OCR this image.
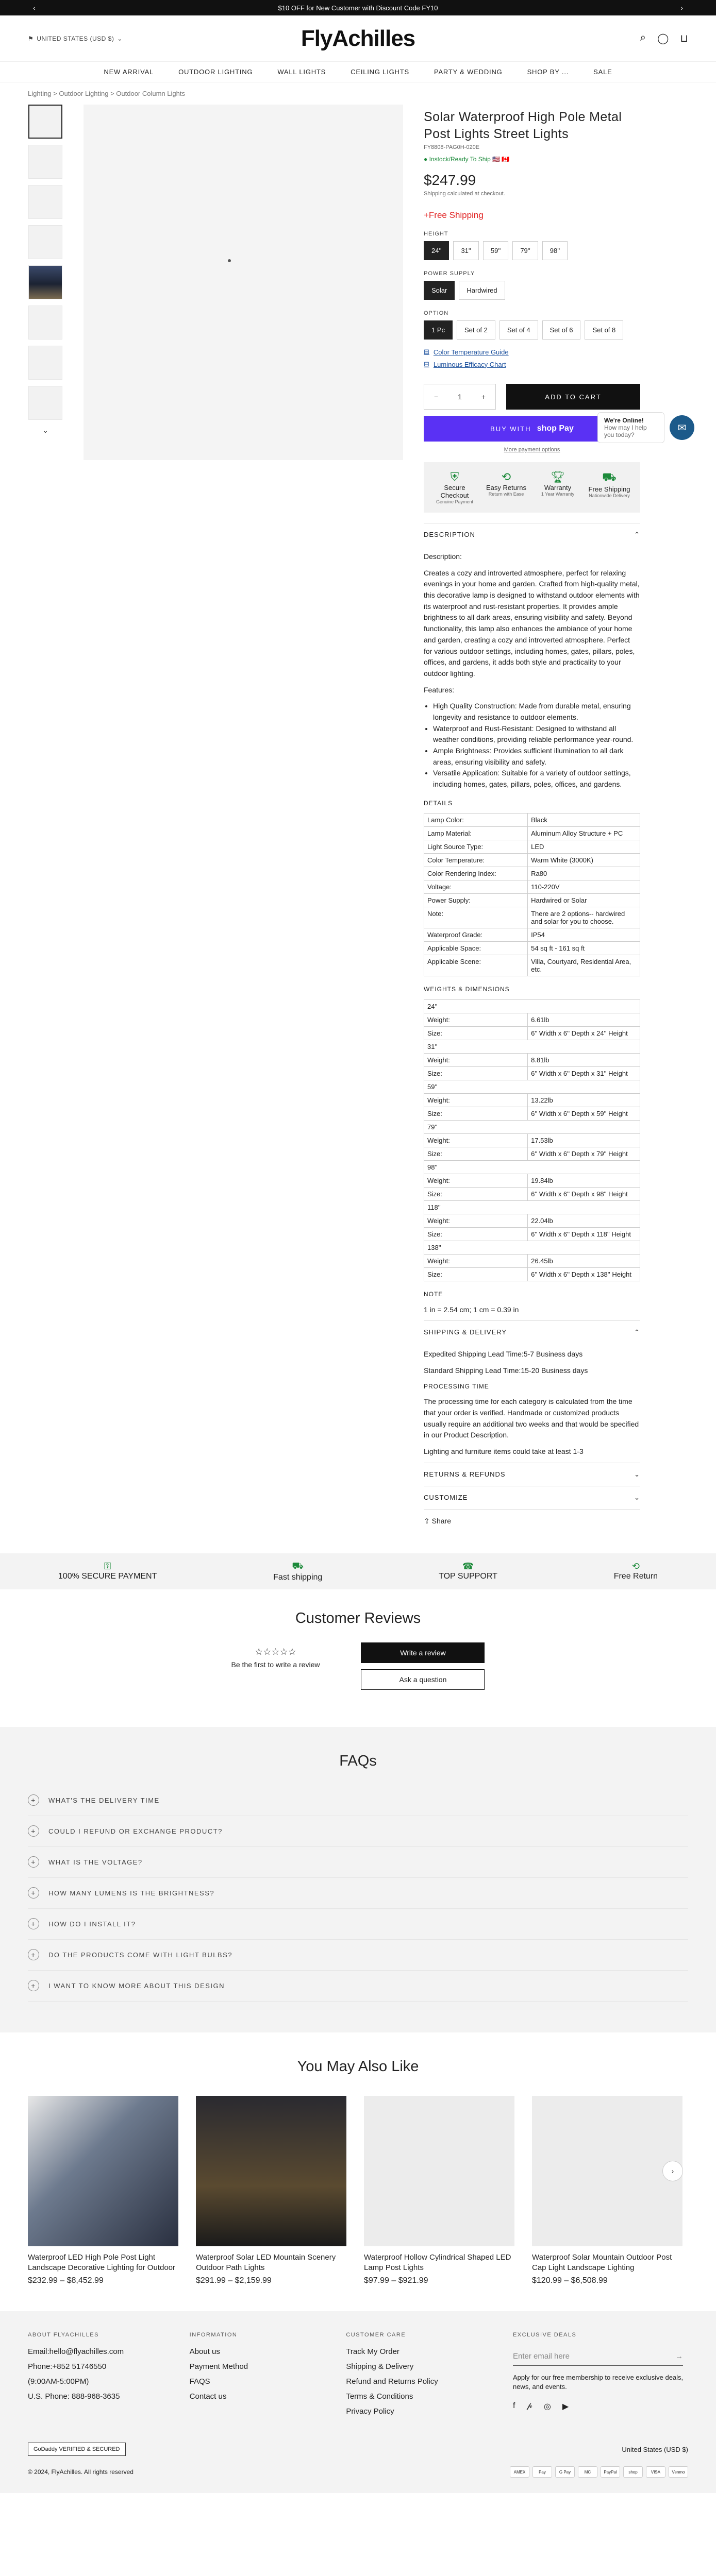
‹	$10 OFF for New Customer with Discount Code FY10	›
⚑ UNITED STATES (USD $) ⌄	FlyAchilles	⌕ ◯ ⊔
NEW ARRIVAL	OUTDOOR LIGHTING	WALL LIGHTS	CEILING LIGHTS	PARTY & WEDDING	SHOP BY ...	SALE
Lighting > Outdoor Lighting > Outdoor Column Lights
⌄
Solar Waterproof High Pole Metal Post Lights Street Lights
FY8808-PAG0H-020E
● Instock/Ready To Ship 🇺🇸 🇨🇦
$247.99
Shipping calculated at checkout.
+Free Shipping
HEIGHT
24''	31''	59''	79''	98''
POWER SUPPLY
Solar	Hardwired
OPTION
1 Pc	Set of 2	Set of 4	Set of 6	Set of 8
⊟ Color Temperature Guide
⊟ Luminous Efficacy Chart
−	1	+	ADD TO CART
BUY WITH
shop Pay
More payment options
⛨
Secure Checkout
Genuine Payment
⟲
Easy Returns
Return with Ease
🏆︎
Warranty
1 Year Warranty
⛟
Free Shipping
Nationwide Delivery
DESCRIPTION	⌃

Description:

Creates a cozy and introverted atmosphere, perfect for relaxing evenings in your home and garden. Crafted from high-quality metal, this decorative lamp is designed to withstand outdoor elements with its waterproof and rust-resistant properties. It provides ample brightness to all dark areas, ensuring visibility and safety. Beyond functionality, this lamp also enhances the ambiance of your home and garden, creating a cozy and introverted atmosphere. Perfect for various outdoor settings, including homes, gates, pillars, poles, offices, and gardens, it adds both style and practicality to your outdoor lighting.

Features:

• High Quality Construction: Made from durable metal, ensuring longevity and resistance to outdoor elements.
• Waterproof and Rust-Resistant: Designed to withstand all weather conditions, providing reliable performance year-round.
• Ample Brightness: Provides sufficient illumination to all dark areas, ensuring visibility and safety.
• Versatile Application: Suitable for a variety of outdoor settings, including homes, gates, pillars, poles, offices, and gardens.

DETAILS

Lamp Color:	Black
Lamp Material:	Aluminum Alloy Structure + PC
Light Source Type:	LED
Color Temperature:	Warm White (3000K)
Color Rendering Index:	Ra80
Voltage:	110-220V
Power Supply:	Hardwired or Solar
Note:	There are 2 options-- hardwired and solar for you to choose.
Waterproof Grade:	IP54
Applicable Space:	54 sq ft - 161 sq ft
Applicable Scene:	Villa, Courtyard, Residential Area, etc.

WEIGHTS & DIMENSIONS

24''	
Weight:	6.61lb
Size:	6'' Width x 6'' Depth x 24'' Height
31''	
Weight:	8.81lb
Size:	6'' Width x 6'' Depth x 31'' Height
59''	
Weight:	13.22lb
Size:	6'' Width x 6'' Depth x 59'' Height
79''	
Weight:	17.53lb
Size:	6'' Width x 6'' Depth x 79'' Height
98''	
Weight:	19.84lb
Size:	6'' Width x 6'' Depth x 98'' Height
118''	
Weight:	22.04lb
Size:	6'' Width x 6'' Depth x 118'' Height
138''	
Weight:	26.45lb
Size:	6'' Width x 6'' Depth x 138'' Height

NOTE

1 in = 2.54 cm; 1 cm = 0.39 in

SHIPPING & DELIVERY	⌃

Expedited Shipping Lead Time:5-7 Business days

Standard Shipping Lead Time:15-20 Business days

PROCESSING TIME

The processing time for each category is calculated from the time that your order is verified. Handmade or customized products usually require an additional two weeks and that would be specified in our Product Description.

Lighting and furniture items could take at least 1-3

RETURNS & REFUNDS	⌄
CUSTOMIZE	⌄
⇪ Share
We're Online!
How may I help you today?
✉
⚿
100% SECURE PAYMENT
⛟
Fast shipping
☎
TOP SUPPORT
⟲
Free Return
Customer Reviews
☆☆☆☆☆
Be the first to write a review
Write a review
Ask a question
FAQs
+	WHAT'S THE DELIVERY TIME
+	COULD I REFUND OR EXCHANGE PRODUCT?
+	WHAT IS THE VOLTAGE?
+	HOW MANY LUMENS IS THE BRIGHTNESS?
+	HOW DO I INSTALL IT?
+	DO THE PRODUCTS COME WITH LIGHT BULBS?
+	I WANT TO KNOW MORE ABOUT THIS DESIGN
You May Also Like
Waterproof LED High Pole Post Light Landscape Decorative Lighting for Outdoor
$232.99 – $8,452.99
Waterproof Solar LED Mountain Scenery Outdoor Path Lights
$291.99 – $2,159.99
Waterproof Hollow Cylindrical Shaped LED Lamp Post Lights
$97.99 – $921.99
Waterproof Solar Mountain Outdoor Post Cap Light Landscape Lighting
$120.99 – $6,508.99
›
ABOUT FLYACHILLES
Email:hello@flyachilles.com
Phone:+852 51746550
(9:00AM-5:00PM)
U.S. Phone: 888-968-3635
INFORMATION
About us
Payment Method
FAQS
Contact us
CUSTOMER CARE
Track My Order
Shipping & Delivery
Refund and Returns Policy
Terms & Conditions
Privacy Policy
EXCLUSIVE DEALS
Enter email here	→
Apply for our free membership to receive exclusive deals, news, and events.
f 𝓅 ◎ ▶
GoDaddy VERIFIED & SECURED	United States (USD $)
© 2024, FlyAchilles. All rights reserved	AMEX	Pay	G Pay	MC	PayPal	shop	VISA	Venmo
